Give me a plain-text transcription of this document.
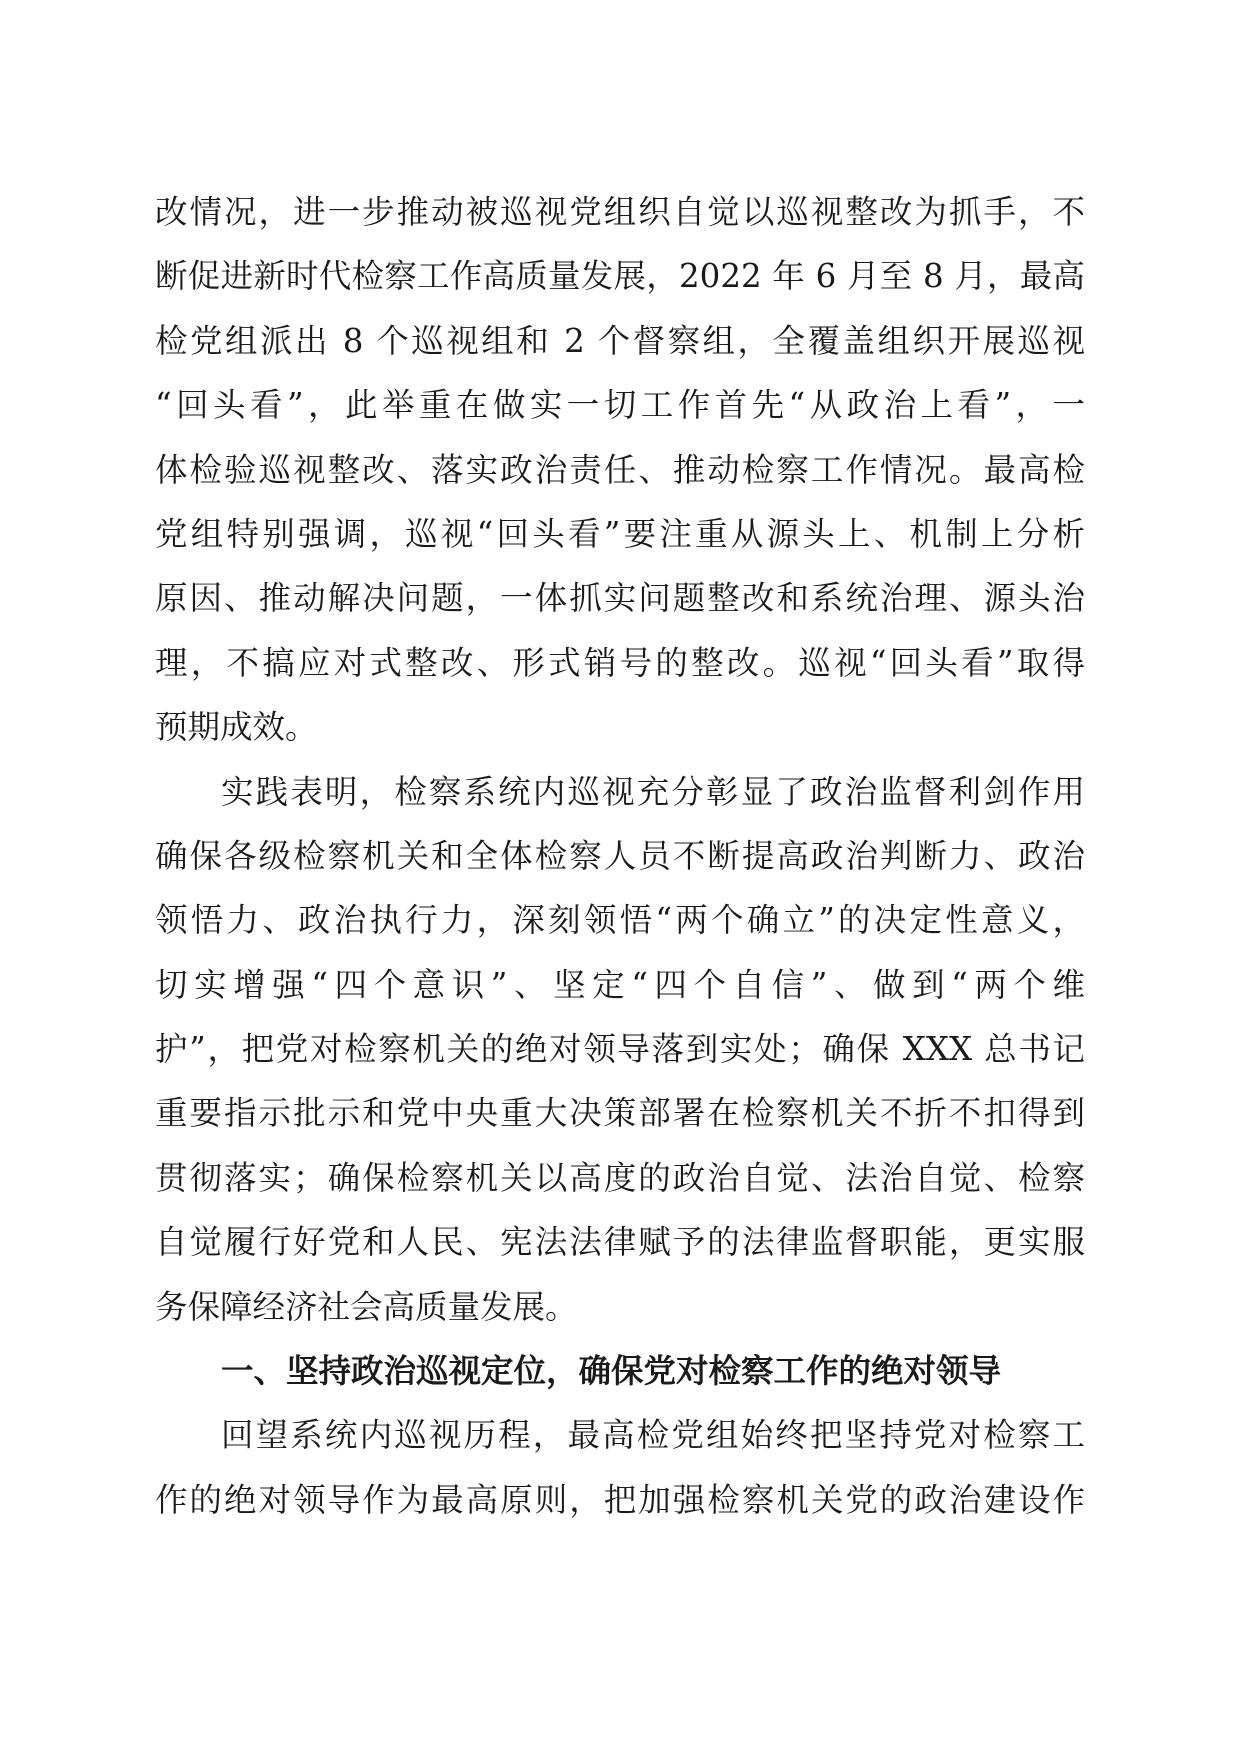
改情况，进一步推动被巡视党组织自觉以巡视整改为抓手，不
断促进新时代检察工作高质量发展，2022 年 6 月至 8 月，最高
检党组派出 8 个巡视组和 2 个督察组，全覆盖组织开展巡视
“回头看”，此举重在做实一切工作首先“从政治上看”，一
体检验巡视整改、落实政治责任、推动检察工作情况。最高检
党组特别强调，巡视“回头看”要注重从源头上、机制上分析
原因、推动解决问题，一体抓实问题整改和系统治理、源头治
理，不搞应对式整改、形式销号的整改。巡视“回头看”取得
预期成效。
实践表明，检察系统内巡视充分彰显了政治监督利剑作用
确保各级检察机关和全体检察人员不断提高政治判断力、政治
领悟力、政治执行力，深刻领悟“两个确立”的决定性意义，
切实增强“四个意识”、坚定“四个自信”、做到“两个维
护”，把党对检察机关的绝对领导落到实处；确保 XXX 总书记
重要指示批示和党中央重大决策部署在检察机关不折不扣得到
贯彻落实；确保检察机关以高度的政治自觉、法治自觉、检察
自觉履行好党和人民、宪法法律赋予的法律监督职能，更实服
务保障经济社会高质量发展。
一、坚持政治巡视定位，确保党对检察工作的绝对领导
回望系统内巡视历程，最高检党组始终把坚持党对检察工
作的绝对领导作为最高原则，把加强检察机关党的政治建设作
